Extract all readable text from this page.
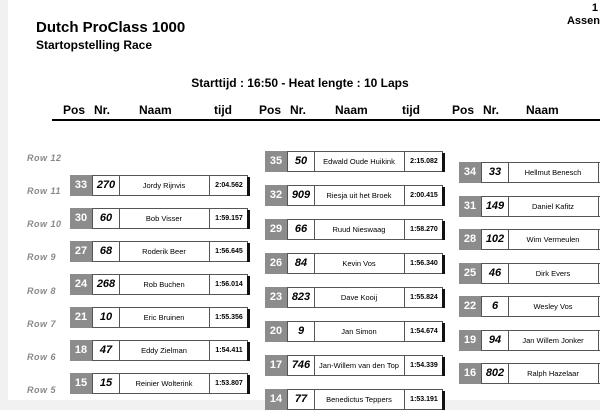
Dutch ProClass 1000
Startopstelling Race
1
Assen
Starttijd : 16:50 - Heat lengte : 10 Laps
Pos Nr. Naam	tijd Pos Nr. Naam	tijd	Pos Nr. Naam
Row 12
Row 11
Row 10
Row 9
Row 8
Row 7
Row 6
Row 5
33 270	Jordy Rijnvis	2:04.562
30	60	Bob Visser	1:59.157
27	68	Roderik Beer	1:56.645
24 268	Rob Buchen	1:56.014
21	10	Eric Bruinen	1:55.356
18	47	Eddy Zielman	1:54.411
15	15	Reinier Wolterink	1:53.807
35	50	Edwald Oude Huikink	2:15.082
32 909	Riesja uit het Broek	2:00.415
29	66	Ruud Nieswaag	1:58.270
26	84	Kevin Vos	1:56.340
23 823	Dave Kooij	1:55.824
20	9	Jan Simon	1:54.674
17 746	Jan-Willem van den Top	1:54.339
14	77	Benedictus Teppers	1:53.191
34	33	Hellmut Benesch
31 149	Daniel Kafitz
28 102	Wim Vermeulen
25	46	Dirk Evers
22	6	Wesley Vos
19	94	Jan Willem Jonker
16 802	Ralph Hazelaar
